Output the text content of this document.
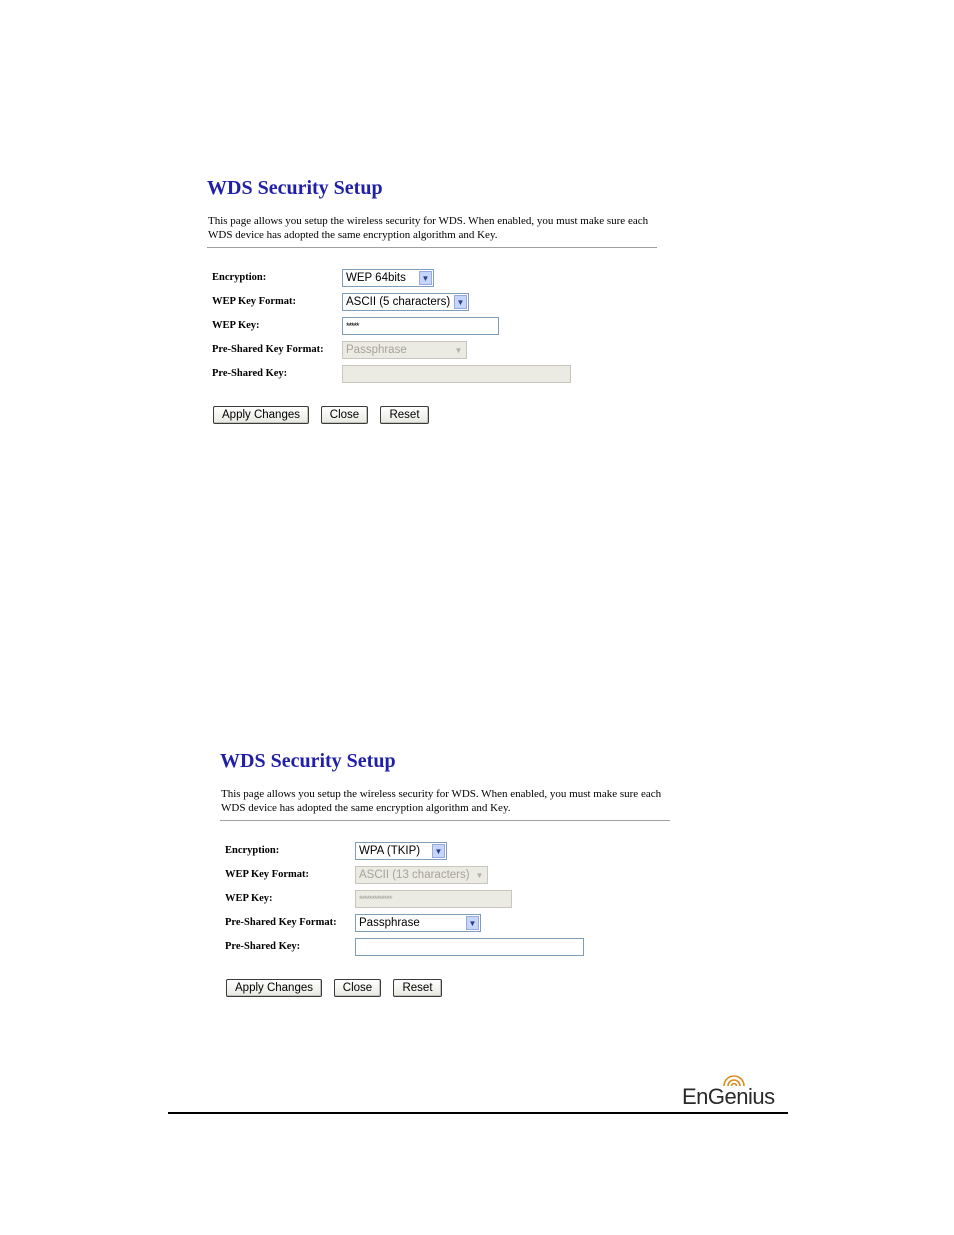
WDS Security Setup

This page allows you setup the wireless security for WDS. When enabled, you must make sure each WDS device has adopted the same encryption algorithm and Key.

Encryption:	WEP 64bits	▼
WEP Key Format:	ASCII (5 characters) ▼
WEP Key:	*****
Pre-Shared Key Format:	Passphrase	▼
Pre-Shared Key:
Apply Changes	Close	Reset
WDS Security Setup

This page allows you setup the wireless security for WDS. When enabled, you must make sure each WDS device has adopted the same encryption algorithm and Key.

Encryption:	WPA (TKIP)	▼
WEP Key Format:	ASCII (13 characters) ▼
WEP Key:	*************
Pre-Shared Key Format:	Passphrase	▼
Pre-Shared Key:
Apply Changes	Close	Reset
EnGenius
